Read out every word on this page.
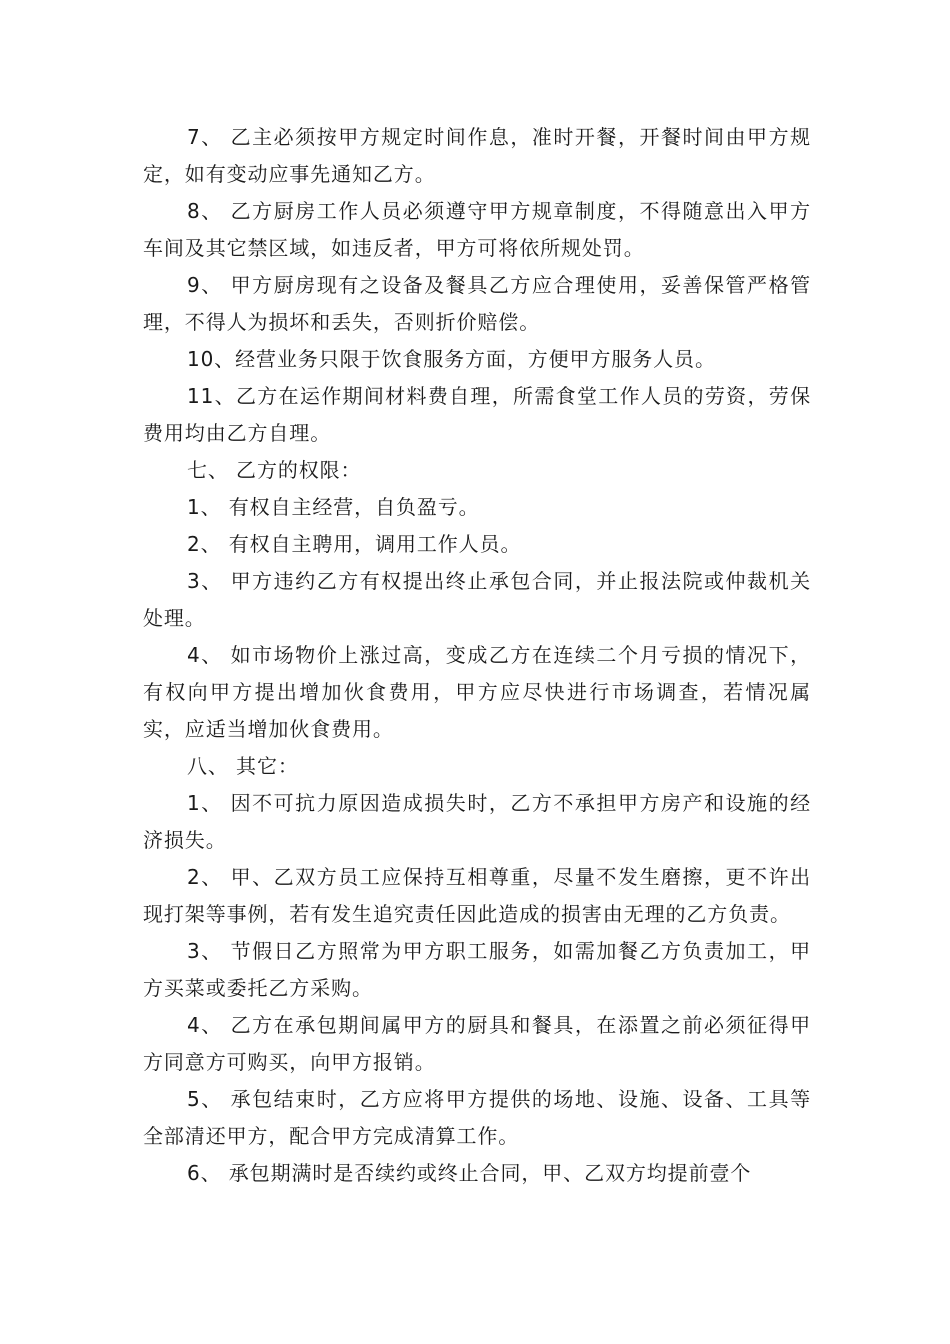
7、 乙主必须按甲方规定时间作息，准时开餐，开餐时间由甲方规定，如有变动应事先通知乙方。

8、 乙方厨房工作人员必须遵守甲方规章制度，不得随意出入甲方车间及其它禁区域，如违反者，甲方可将依所规处罚。

9、 甲方厨房现有之设备及餐具乙方应合理使用，妥善保管严格管理，不得人为损坏和丢失，否则折价赔偿。

10、经营业务只限于饮食服务方面，方便甲方服务人员。

11、乙方在运作期间材料费自理，所需食堂工作人员的劳资，劳保费用均由乙方自理。

七、 乙方的权限：

1、 有权自主经营，自负盈亏。

2、 有权自主聘用，调用工作人员。

3、 甲方违约乙方有权提出终止承包合同，并止报法院或仲裁机关处理。

4、 如市场物价上涨过高，变成乙方在连续二个月亏损的情况下，有权向甲方提出增加伙食费用，甲方应尽快进行市场调查，若情况属实，应适当增加伙食费用。

八、 其它：

1、 因不可抗力原因造成损失时，乙方不承担甲方房产和设施的经济损失。

2、 甲、乙双方员工应保持互相尊重，尽量不发生磨擦，更不许出现打架等事例，若有发生追究责任因此造成的损害由无理的乙方负责。

3、 节假日乙方照常为甲方职工服务，如需加餐乙方负责加工，甲方买菜或委托乙方采购。

4、 乙方在承包期间属甲方的厨具和餐具，在添置之前必须征得甲方同意方可购买，向甲方报销。

5、 承包结束时，乙方应将甲方提供的场地、设施、设备、工具等全部清还甲方，配合甲方完成清算工作。

6、 承包期满时是否续约或终止合同，甲、乙双方均提前壹个
